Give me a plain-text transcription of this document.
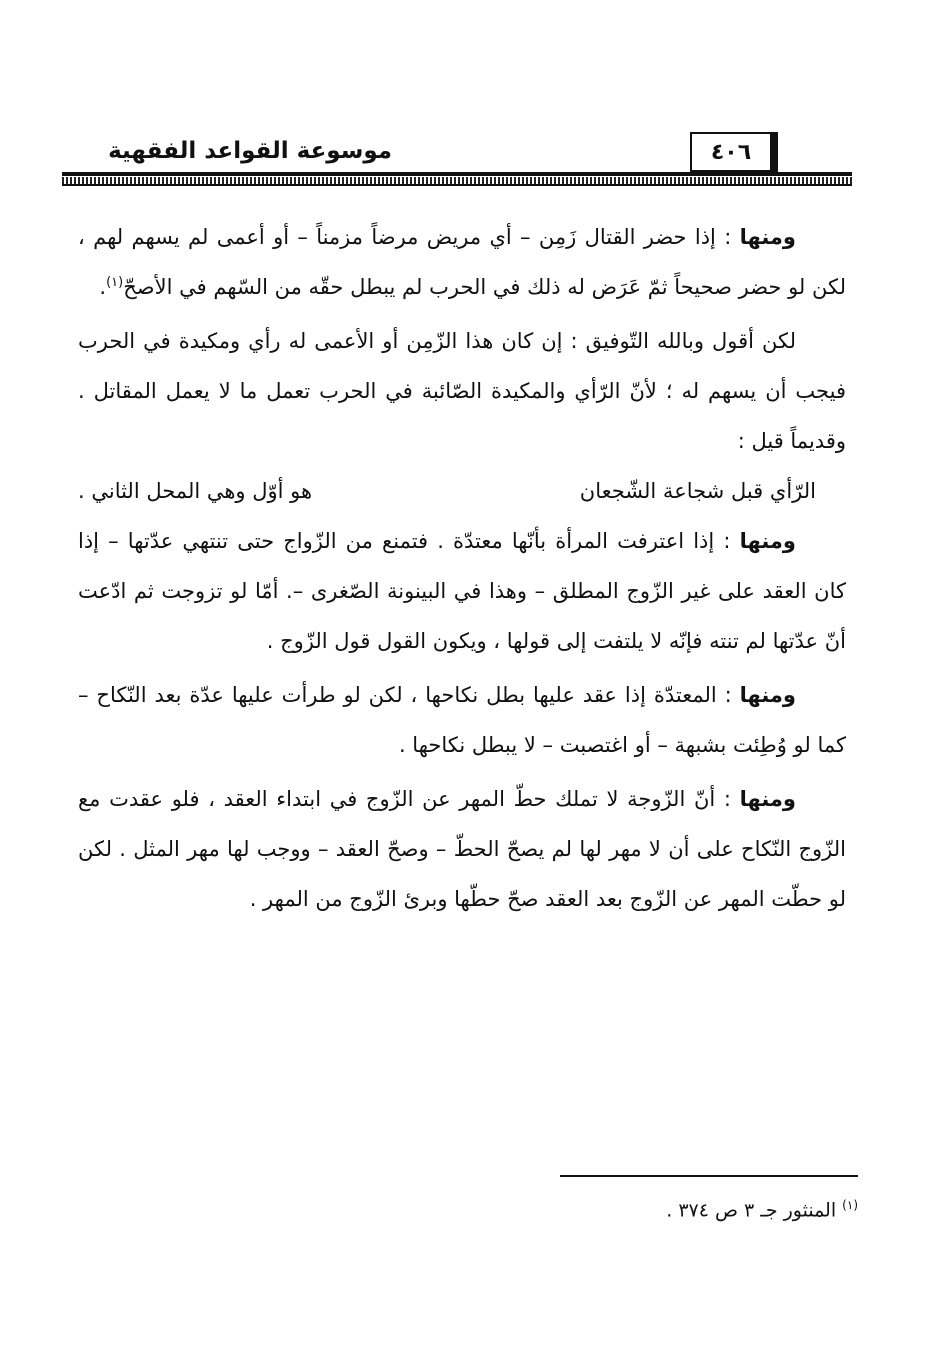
موسوعة القواعد الفقهية	٤٠٦

ومنها : إذا حضر القتال زَمِن – أي مريض مرضاً مزمناً – أو أعمى لم يسهم لهم ، لكن لو حضر صحيحاً ثمّ عَرَض له ذلك في الحرب لم يبطل حقّه من السّهم في الأصحّ$^{(١)}$.

لكن أقول وبالله التّوفيق : إن كان هذا الزّمِن أو الأعمى له رأي ومكيدة في الحرب فيجب أن يسهم له ؛ لأنّ الرّأي والمكيدة الصّائبة في الحرب تعمل ما لا يعمل المقاتل . وقديماً قيل :

الرّأي قبل شجاعة الشّجعان
هو أوّل وهي المحل الثاني .

ومنها : إذا اعترفت المرأة بأنّها معتدّة . فتمنع من الزّواج حتى تنتهي عدّتها – إذا كان العقد على غير الزّوج المطلق – وهذا في البينونة الصّغرى –. أمّا لو تزوجت ثم ادّعت أنّ عدّتها لم تنته فإنّه لا يلتفت إلى قولها ، ويكون القول قول الزّوج .

ومنها : المعتدّة إذا عقد عليها بطل نكاحها ، لكن لو طرأت عليها عدّة بعد النّكاح – كما لو وُطِئت بشبهة – أو اغتصبت – لا يبطل نكاحها .

ومنها : أنّ الزّوجة لا تملك حطّ المهر عن الزّوج في ابتداء العقد ، فلو عقدت مع الزّوج النّكاح على أن لا مهر لها لم يصحّ الحطّ – وصحّ العقد – ووجب لها مهر المثل . لكن لو حطّت المهر عن الزّوج بعد العقد صحّ حطّها وبرئ الزّوج من المهر .

$^{(١)}$ المنثور جـ ٣ ص ٣٧٤ .
